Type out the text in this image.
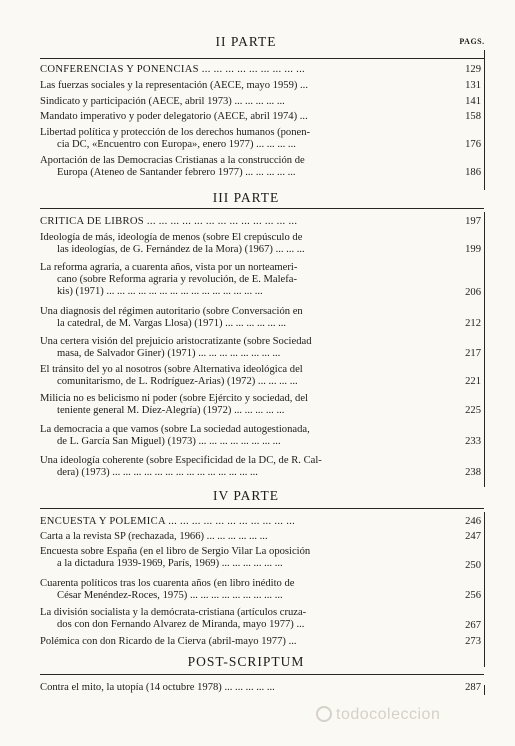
PAGS.
II PARTE
CONFERENCIAS Y PONENCIAS ... ... ... ... ... ... ... ... ...	129
Las fuerzas sociales y la representación (AECE, mayo 1959) ...	131
Sindicato y participación (AECE, abril 1973) ... ... ... ... ...	141
Mandato imperativo y poder delegatorio (AECE, abril 1974) ...	158
Libertad política y protección de los derechos humanos (ponen-
cia DC, «Encuentro con Europa», enero 1977) ... ... ... ...	176
Aportación de las Democracias Cristianas a la construcción de
Europa (Ateneo de Santander febrero 1977) ... ... ... ... ...	186
III PARTE
CRITICA DE LIBROS ... ... ... ... ... ... ... ... ... ... ... ... ...	197
Ideología de más, ideología de menos (sobre El crepúsculo de
las ideologías, de G. Fernández de la Mora) (1967) ... ... ...	199
La reforma agraria, a cuarenta años, vista por un norteameri-
cano (sobre Reforma agraria y revolución, de E. Malefa-
kis) (1971) ... ... ... ... ... ... ... ... ... ... ... ... ... ... ...	206
Una diagnosis del régimen autoritario (sobre Conversación en
la catedral, de M. Vargas Llosa) (1971) ... ... ... ... ... ...	212
Una certera visión del prejuicio aristocratizante (sobre Sociedad
masa, de Salvador Giner) (1971) ... ... ... ... ... ... ... ...	217
El tránsito del yo al nosotros (sobre Alternativa ideológica del
comunitarismo, de L. Rodríguez-Arias) (1972) ... ... ... ...	221
Milicia no es belicismo ni poder (sobre Ejército y sociedad, del
teniente general M. Díez-Alegría) (1972) ... ... ... ... ...	225
La democracia a que vamos (sobre La sociedad autogestionada,
de L. García San Miguel) (1973) ... ... ... ... ... ... ... ...	233
Una ideología coherente (sobre Especificidad de la DC, de R. Cal-
dera) (1973) ... ... ... ... ... ... ... ... ... ... ... ... ... ...	238
IV PARTE
ENCUESTA Y POLEMICA ... ... ... ... ... ... ... ... ... ... ...	246
Carta a la revista SP (rechazada, 1966) ... ... ... ... ... ...	247
Encuesta sobre España (en el libro de Sergio Vilar La oposición
a la dictadura 1939-1969, París, 1969) ... ... ... ... ... ...	250
Cuarenta políticos tras los cuarenta años (en libro inédito de
César Menéndez-Roces, 1975) ... ... ... ... ... ... ... ... ...	256
La división socialista y la demócrata-cristiana (artículos cruza-
dos con don Fernando Alvarez de Miranda, mayo 1977) ...	267
Polémica con don Ricardo de la Cierva (abril-mayo 1977) ...	273
POST-SCRIPTUM
Contra el mito, la utopía (14 octubre 1978) ... ... ... ... ...	287
todocoleccion
